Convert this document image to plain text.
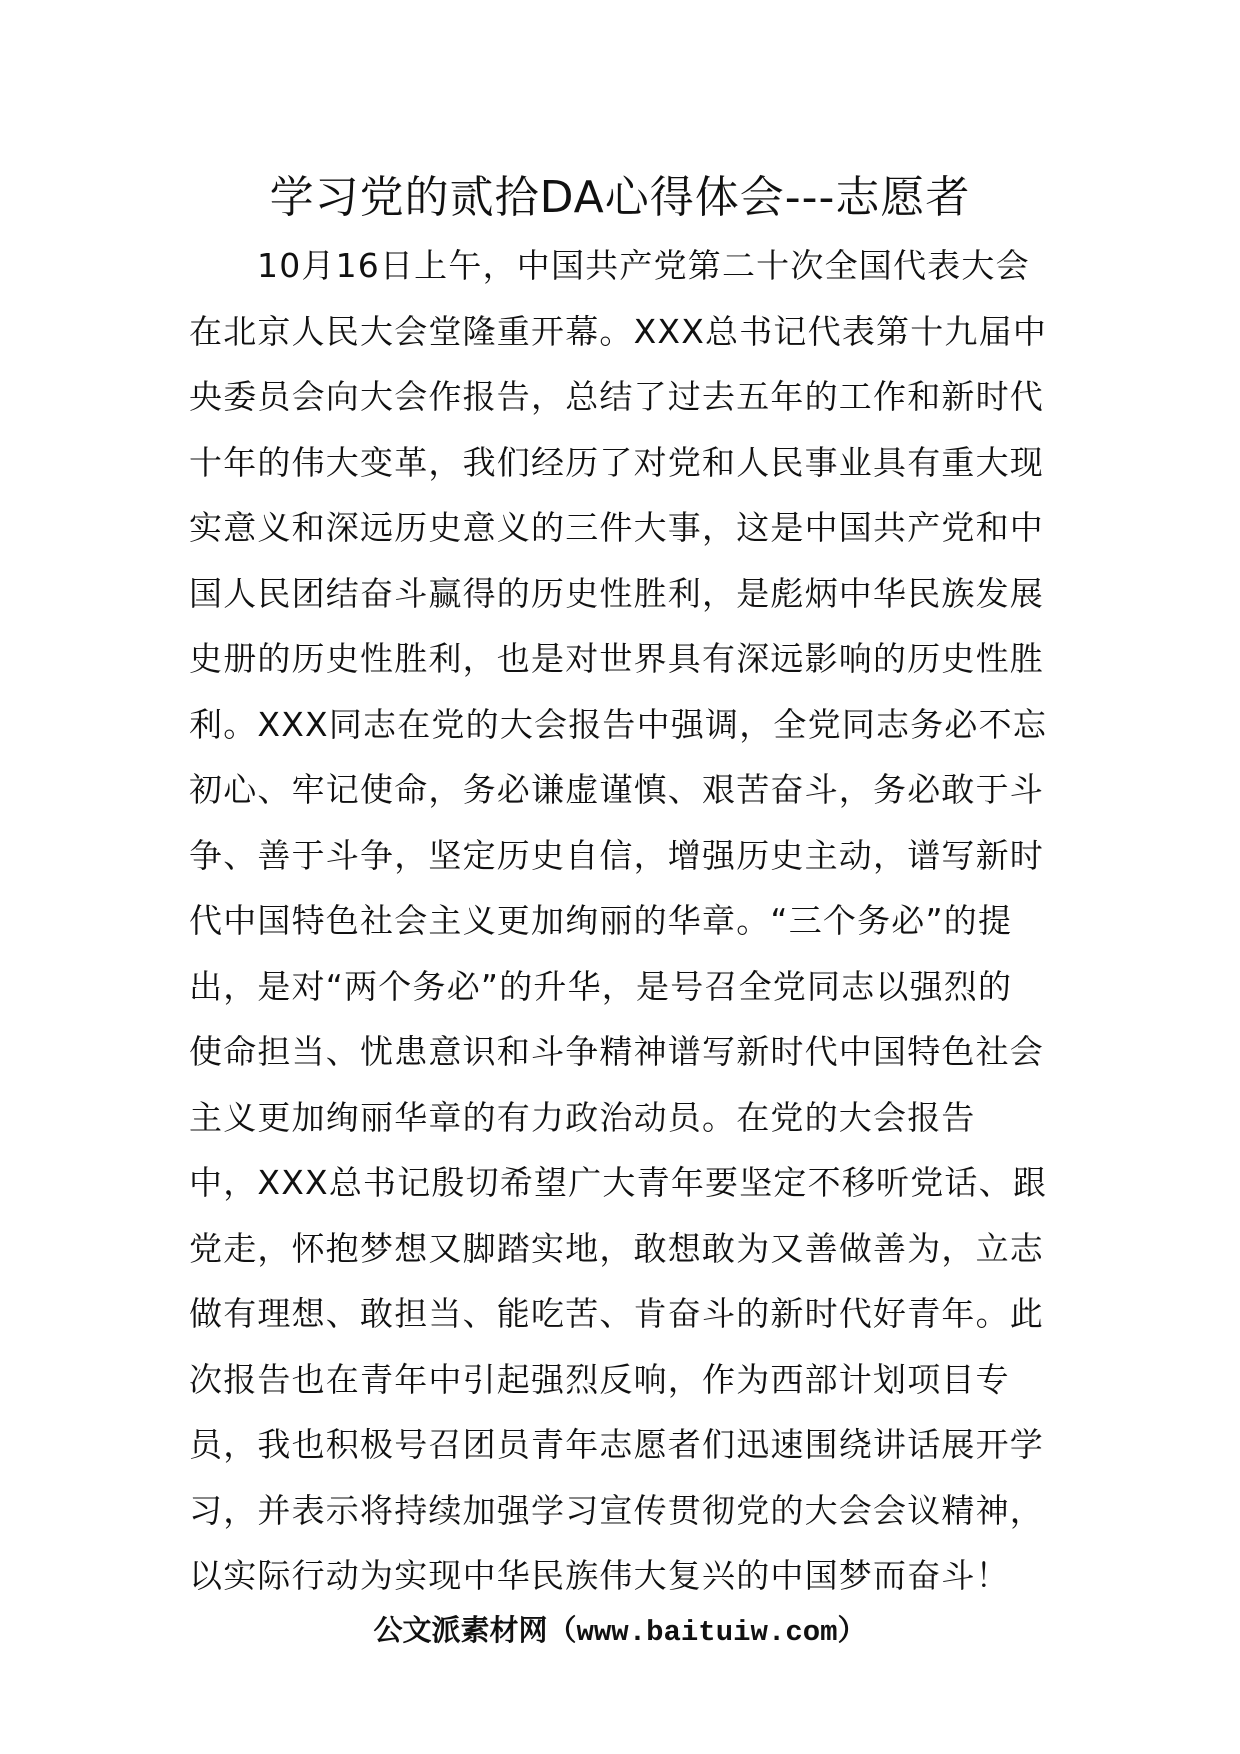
学习党的贰拾DA心得体会---志愿者
10月16日上午，中国共产党第二十次全国代表大会
在北京人民大会堂隆重开幕。XXX总书记代表第十九届中
央委员会向大会作报告，总结了过去五年的工作和新时代
十年的伟大变革，我们经历了对党和人民事业具有重大现
实意义和深远历史意义的三件大事，这是中国共产党和中
国人民团结奋斗赢得的历史性胜利，是彪炳中华民族发展
史册的历史性胜利，也是对世界具有深远影响的历史性胜
利。XXX同志在党的大会报告中强调，全党同志务必不忘
初心、牢记使命，务必谦虚谨慎、艰苦奋斗，务必敢于斗
争、善于斗争，坚定历史自信，增强历史主动，谱写新时
代中国特色社会主义更加绚丽的华章。“三个务必”的提
出，是对“两个务必”的升华，是号召全党同志以强烈的
使命担当、忧患意识和斗争精神谱写新时代中国特色社会
主义更加绚丽华章的有力政治动员。在党的大会报告
中，XXX总书记殷切希望广大青年要坚定不移听党话、跟
党走，怀抱梦想又脚踏实地，敢想敢为又善做善为，立志
做有理想、敢担当、能吃苦、肯奋斗的新时代好青年。此
次报告也在青年中引起强烈反响，作为西部计划项目专
员，我也积极号召团员青年志愿者们迅速围绕讲话展开学
习，并表示将持续加强学习宣传贯彻党的大会会议精神，
以实际行动为实现中华民族伟大复兴的中国梦而奋斗！
公文派素材网（www.baituiw.com）
